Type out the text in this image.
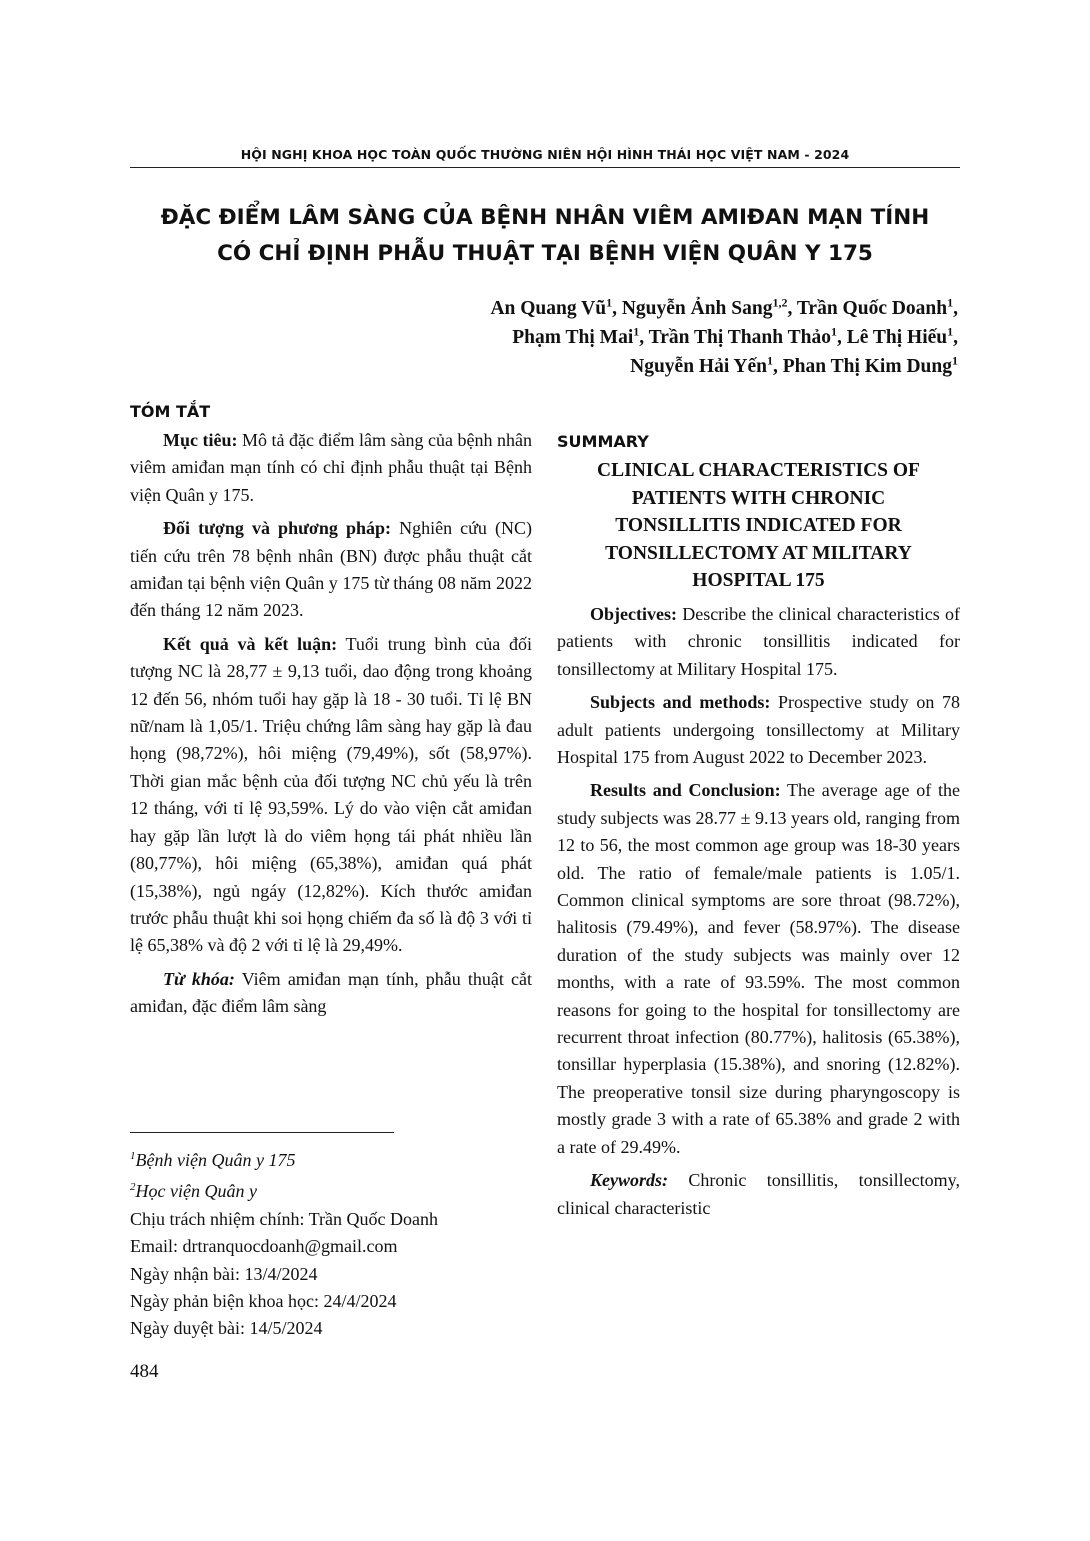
HỘI NGHỊ KHOA HỌC TOÀN QUỐC THƯỜNG NIÊN HỘI HÌNH THÁI HỌC VIỆT NAM - 2024
ĐẶC ĐIỂM LÂM SÀNG CỦA BỆNH NHÂN VIÊM AMIĐAN MẠN TÍNH
CÓ CHỈ ĐỊNH PHẪU THUẬT TẠI BỆNH VIỆN QUÂN Y 175
An Quang $Vũ^1$, Nguyễn Ảnh Sang$^{1,2}$, Trần Quốc Doanh$^1$,
Phạm Thị Mai$^1$, Trần Thị Thanh Thảo$^1$, Lê Thị Hiếu$^1$,
Nguyễn Hải Yến$^1$, Phan Thị Kim Dung$^1$
TÓM TẮT

Mục tiêu: Mô tả đặc điểm lâm sàng của bệnh nhân viêm amiđan mạn tính có chỉ định phẫu thuật tại Bệnh viện Quân y 175.

Đối tượng và phương pháp: Nghiên cứu (NC) tiến cứu trên 78 bệnh nhân (BN) được phẫu thuật cắt amiđan tại bệnh viện Quân y 175 từ tháng 08 năm 2022 đến tháng 12 năm 2023.

Kết quả và kết luận: Tuổi trung bình của đối tượng NC là 28,77 ± 9,13 tuổi, dao động trong khoảng 12 đến 56, nhóm tuổi hay gặp là 18 - 30 tuổi. Tỉ lệ BN nữ/nam là 1,05/1. Triệu chứng lâm sàng hay gặp là đau họng (98,72%), hôi miệng (79,49%), sốt (58,97%). Thời gian mắc bệnh của đối tượng NC chủ yếu là trên 12 tháng, với tỉ lệ 93,59%. Lý do vào viện cắt amiđan hay gặp lần lượt là do viêm họng tái phát nhiều lần (80,77%), hôi miệng (65,38%), amiđan quá phát (15,38%), ngủ ngáy (12,82%). Kích thước amiđan trước phẫu thuật khi soi họng chiếm đa số là độ 3 với tỉ lệ 65,38% và độ 2 với tỉ lệ là 29,49%.

Từ khóa: Viêm amiđan mạn tính, phẫu thuật cắt amiđan, đặc điểm lâm sàng

$^1$Bệnh viện Quân y 175
$^2$Học viện Quân y
Chịu trách nhiệm chính: Trần Quốc Doanh
Email: drtranquocdoanh@gmail.com
Ngày nhận bài: 13/4/2024
Ngày phản biện khoa học: 24/4/2024
Ngày duyệt bài: 14/5/2024
484
SUMMARY
CLINICAL CHARACTERISTICS OF
PATIENTS WITH CHRONIC
TONSILLITIS INDICATED FOR
TONSILLECTOMY AT MILITARY
HOSPITAL 175

Objectives: Describe the clinical characteristics of patients with chronic tonsillitis indicated for tonsillectomy at Military Hospital 175.

Subjects and methods: Prospective study on 78 adult patients undergoing tonsillectomy at Military Hospital 175 from August 2022 to December 2023.

Results and Conclusion: The average age of the study subjects was 28.77 ± 9.13 years old, ranging from 12 to 56, the most common age group was 18-30 years old. The ratio of female/male patients is 1.05/1. Common clinical symptoms are sore throat (98.72%), halitosis (79.49%), and fever (58.97%). The disease duration of the study subjects was mainly over 12 months, with a rate of 93.59%. The most common reasons for going to the hospital for tonsillectomy are recurrent throat infection (80.77%), halitosis (65.38%), tonsillar hyperplasia (15.38%), and snoring (12.82%). The preoperative tonsil size during pharyngoscopy is mostly grade 3 with a rate of 65.38% and grade 2 with a rate of 29.49%.

Keywords: Chronic tonsillitis, tonsillectomy, clinical characteristic
